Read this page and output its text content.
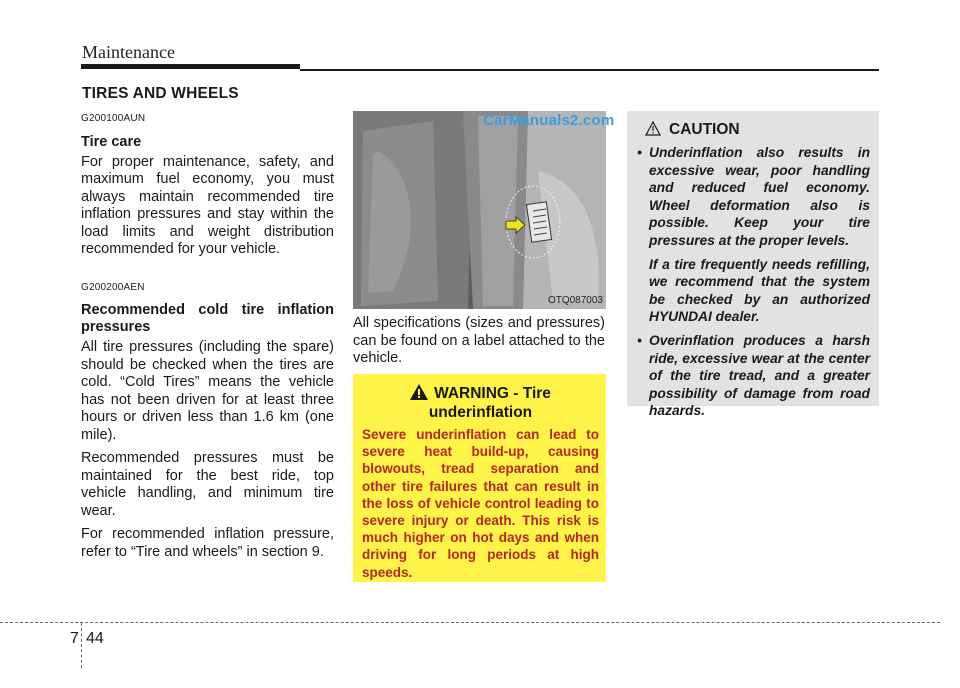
Maintenance
TIRES AND WHEELS

G200100AUN

Tire care

For proper maintenance, safety, and maximum fuel economy, you must always maintain recommended tire inflation pressures and stay within the load limits and weight distribution recommended for your vehicle.

G200200AEN

Recommended cold tire inflation pressures

All tire pressures (including the spare) should be checked when the tires are cold. “Cold Tires” means the vehicle has not been driven for at least three hours or driven less than 1.6 km (one mile).

Recommended pressures must be maintained for the best ride, top vehicle handling, and minimum tire wear.

For recommended inflation pressure, refer to “Tire and wheels” in section 9.

OTQ087003
CarManuals2.com
All specifications (sizes and pressures) can be found on a label attached to the vehicle.
WARNING - Tire underinflation
Severe underinflation can lead to severe heat build-up, causing blowouts, tread separation and other tire failures that can result in the loss of vehicle control leading to severe injury or death. This risk is much higher on hot days and when driving for long periods at high speeds.
CAUTION
• Underinflation also results in excessive wear, poor handling and reduced fuel economy. Wheel deformation also is possible. Keep your tire pressures at the proper levels.
If a tire frequently needs refilling, we recommend that the system be checked by an authorized HYUNDAI dealer.
• Overinflation produces a harsh ride, excessive wear at the center of the tire tread, and a greater possibility of damage from road hazards.
7 44
